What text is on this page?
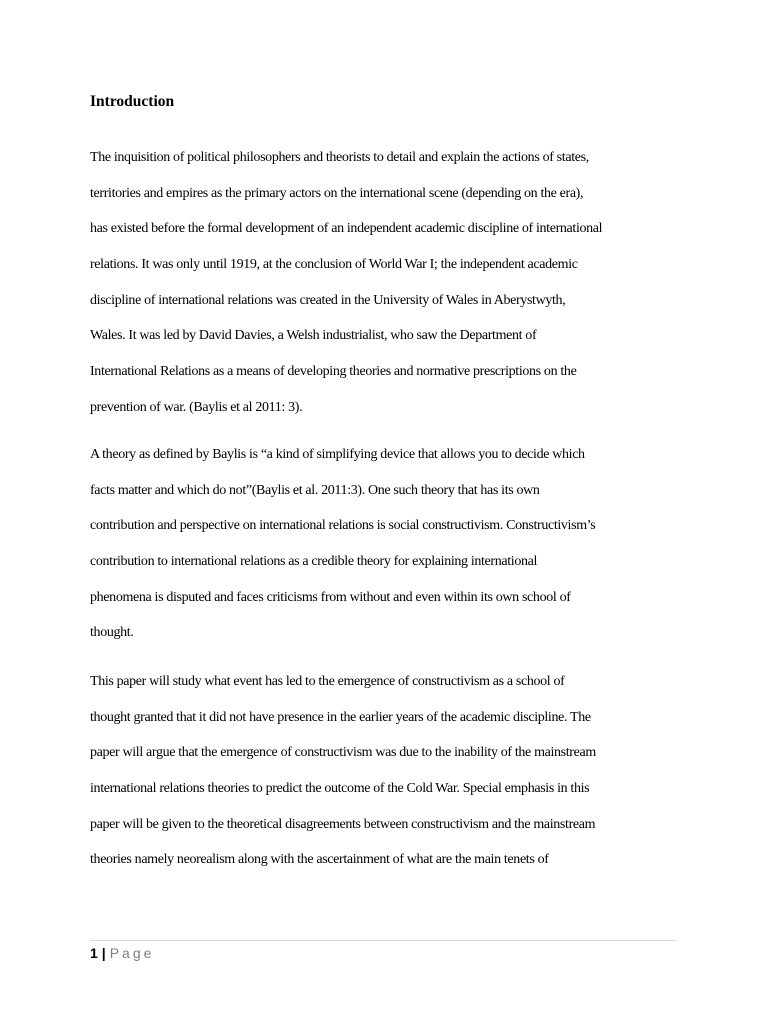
Introduction

The inquisition of political philosophers and theorists to detail and explain the actions of states,
territories and empires as the primary actors on the international scene (depending on the era),
has existed before the formal development of an independent academic discipline of international
relations. It was only until 1919, at the conclusion of World War I; the independent academic
discipline of international relations was created in the University of Wales in Aberystwyth,
Wales. It was led by David Davies, a Welsh industrialist, who saw the Department of
International Relations as a means of developing theories and normative prescriptions on the
prevention of war. (Baylis et al 2011: 3).

A theory as defined by Baylis is “a kind of simplifying device that allows you to decide which
facts matter and which do not”(Baylis et al. 2011:3). One such theory that has its own
contribution and perspective on international relations is social constructivism. Constructivism’s
contribution to international relations as a credible theory for explaining international
phenomena is disputed and faces criticisms from without and even within its own school of
thought.

This paper will study what event has led to the emergence of constructivism as a school of
thought granted that it did not have presence in the earlier years of the academic discipline. The
paper will argue that the emergence of constructivism was due to the inability of the mainstream
international relations theories to predict the outcome of the Cold War. Special emphasis in this
paper will be given to the theoretical disagreements between constructivism and the mainstream
theories namely neorealism along with the ascertainment of what are the main tenets of

1 | Page
